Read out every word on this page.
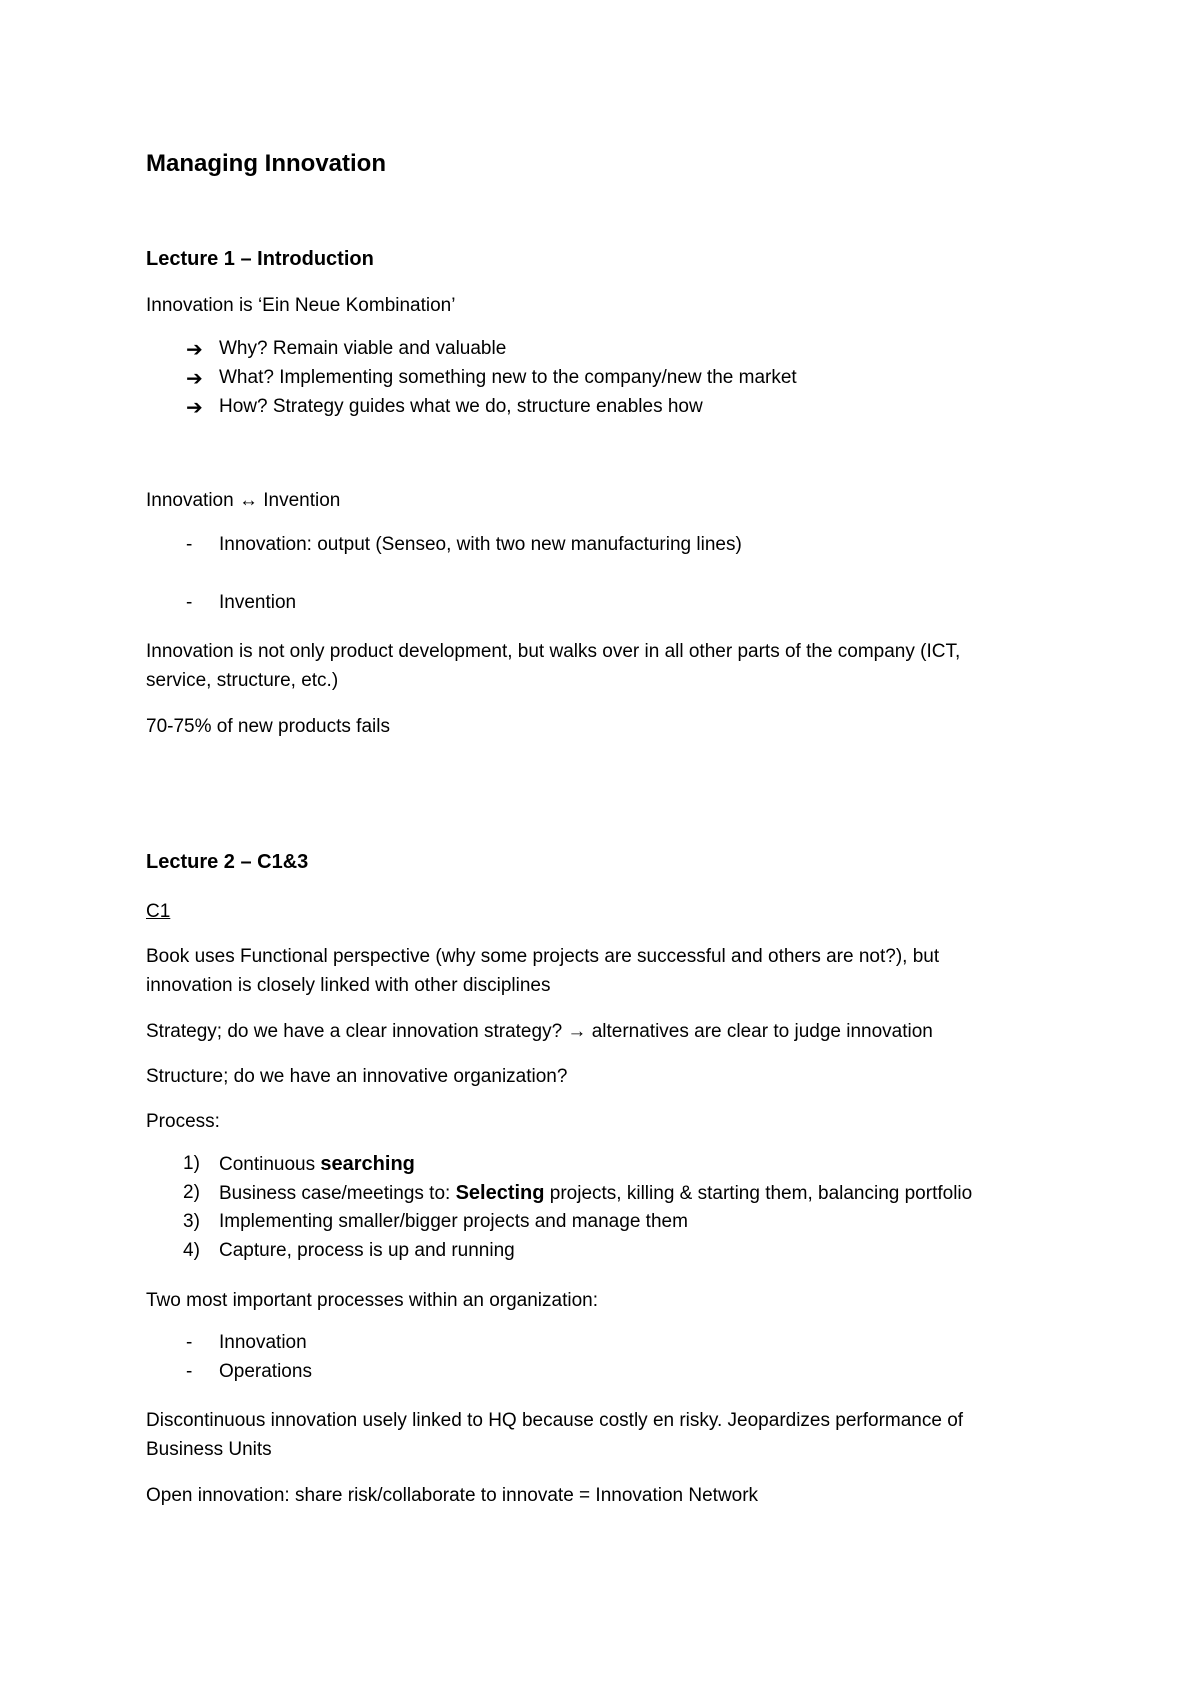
Managing Innovation
Lecture 1 – Introduction
Innovation is ‘Ein Neue Kombination’
➔ Why? Remain viable and valuable
➔ What? Implementing something new to the company/new the market
➔ How? Strategy guides what we do, structure enables how
Innovation ↔ Invention
- Innovation: output (Senseo, with two new manufacturing lines)
- Invention
Innovation is not only product development, but walks over in all other parts of the company (ICT,
service, structure, etc.)
70-75% of new products fails
Lecture 2 – C1&3
C1
Book uses Functional perspective (why some projects are successful and others are not?), but
innovation is closely linked with other disciplines
Strategy; do we have a clear innovation strategy? → alternatives are clear to judge innovation
Structure; do we have an innovative organization?
Process:
1) Continuous searching
2) Business case/meetings to: Selecting projects, killing & starting them, balancing portfolio
3) Implementing smaller/bigger projects and manage them
4) Capture, process is up and running
Two most important processes within an organization:
- Innovation
- Operations
Discontinuous innovation usely linked to HQ because costly en risky. Jeopardizes performance of
Business Units
Open innovation: share risk/collaborate to innovate = Innovation Network
